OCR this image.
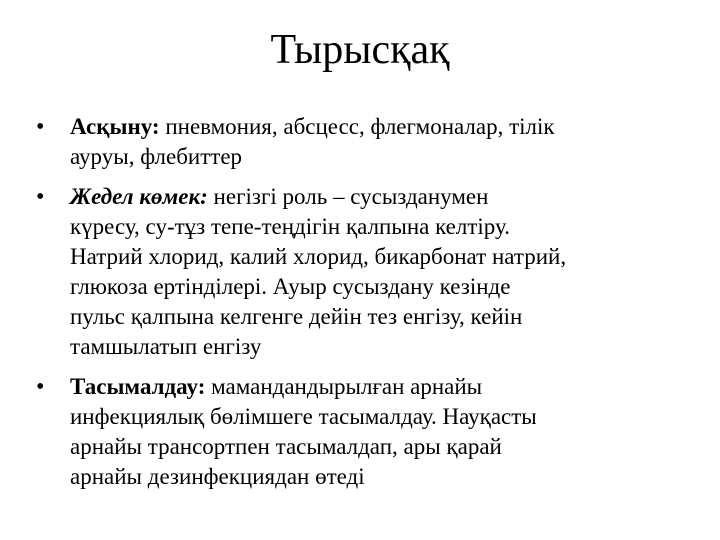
Тырысқақ
• Асқыну: пневмония, абсцесс, флегмоналар, тілік
ауруы, флебиттер
• Жедел көмек: негізгі роль – сусызданумен
күресу, су-тұз тепе-теңдігін қалпына келтіру.
Натрий хлорид, калий хлорид, бикарбонат натрий,
глюкоза ертінділері. Ауыр сусыздану кезінде
пульс қалпына келгенге дейін тез енгізу, кейін
тамшылатып енгізу
• Тасымалдау: мамандандырылған арнайы
инфекциялық бөлімшеге тасымалдау. Науқасты
арнайы трансортпен тасымалдап, ары қарай
арнайы дезинфекциядан өтеді
